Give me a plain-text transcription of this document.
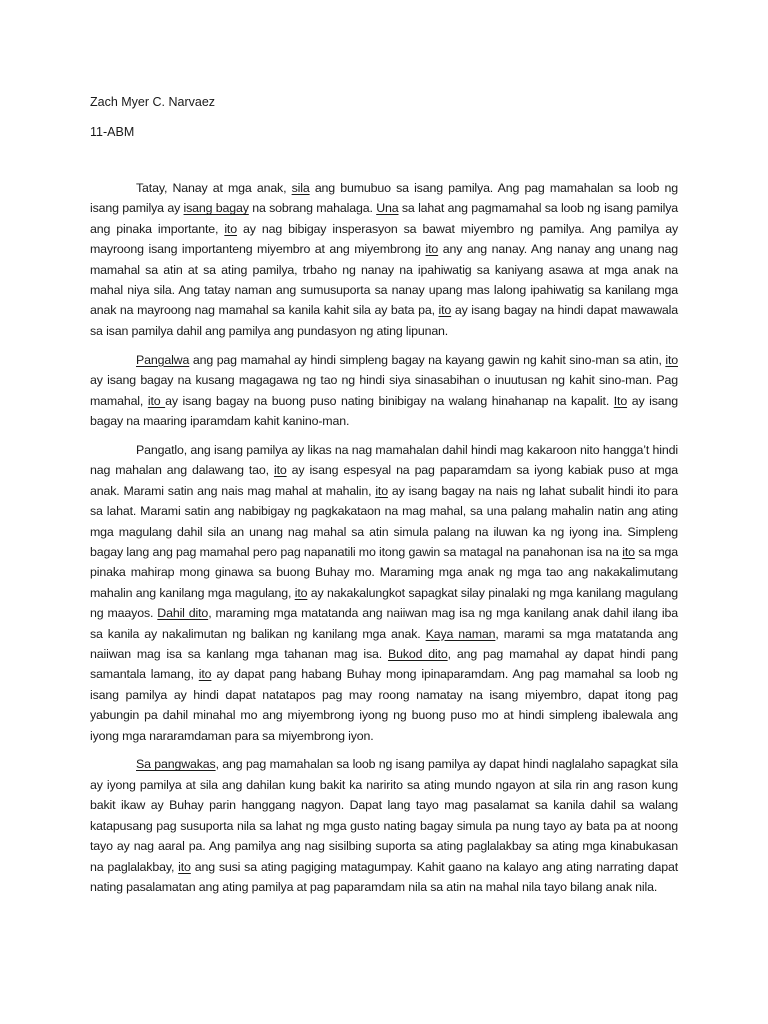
Zach Myer C. Narvaez
11-ABM

Tatay, Nanay at mga anak, sila ang bumubuo sa isang pamilya. Ang pag mamahalan sa loob ng isang pamilya ay isang bagay na sobrang mahalaga. Una sa lahat ang pagmamahal sa loob ng isang pamilya ang pinaka importante, ito ay nag bibigay insperasyon sa bawat miyembro ng pamilya. Ang pamilya ay mayroong isang importanteng miyembro at ang miyembrong ito any ang nanay. Ang nanay ang unang nag mamahal sa atin at sa ating pamilya, trbaho ng nanay na ipahiwatig sa kaniyang asawa at mga anak na mahal niya sila. Ang tatay naman ang sumusuporta sa nanay upang mas lalong ipahiwatig sa kanilang mga anak na mayroong nag mamahal sa kanila kahit sila ay bata pa, ito ay isang bagay na hindi dapat mawawala sa isan pamilya dahil ang pamilya ang pundasyon ng ating lipunan.

Pangalwa ang pag mamahal ay hindi simpleng bagay na kayang gawin ng kahit sino-man sa atin, ito ay isang bagay na kusang magagawa ng tao ng hindi siya sinasabihan o inuutusan ng kahit sino-man. Pag mamahal, ito ay isang bagay na buong puso nating binibigay na walang hinahanap na kapalit. Ito ay isang bagay na maaring iparamdam kahit kanino-man.

Pangatlo, ang isang pamilya ay likas na nag mamahalan dahil hindi mag kakaroon nito hangga’t hindi nag mahalan ang dalawang tao, ito ay isang espesyal na pag paparamdam sa iyong kabiak puso at mga anak. Marami satin ang nais mag mahal at mahalin, ito ay isang bagay na nais ng lahat subalit hindi ito para sa lahat. Marami satin ang nabibigay ng pagkakataon na mag mahal, sa una palang mahalin natin ang ating mga magulang dahil sila an unang nag mahal sa atin simula palang na iluwan ka ng iyong ina. Simpleng bagay lang ang pag mamahal pero pag napanatili mo itong gawin sa matagal na panahonan isa na ito sa mga pinaka mahirap mong ginawa sa buong Buhay mo. Maraming mga anak ng mga tao ang nakakalimutang mahalin ang kanilang mga magulang, ito ay nakakalungkot sapagkat silay pinalaki ng mga kanilang magulang ng maayos. Dahil dito, maraming mga matatanda ang naiiwan mag isa ng mga kanilang anak dahil ilang iba sa kanila ay nakalimutan ng balikan ng kanilang mga anak. Kaya naman, marami sa mga matatanda ang naiiwan mag isa sa kanlang mga tahanan mag isa. Bukod dito, ang pag mamahal ay dapat hindi pang samantala lamang, ito ay dapat pang habang Buhay mong ipinaparamdam. Ang pag mamahal sa loob ng isang pamilya ay hindi dapat natatapos pag may roong namatay na isang miyembro, dapat itong pag yabungin pa dahil minahal mo ang miyembrong iyong ng buong puso mo at hindi simpleng ibalewala ang iyong mga nararamdaman para sa miyembrong iyon.

Sa pangwakas, ang pag mamahalan sa loob ng isang pamilya ay dapat hindi naglalaho sapagkat sila ay iyong pamilya at sila ang dahilan kung bakit ka naririto sa ating mundo ngayon at sila rin ang rason kung bakit ikaw ay Buhay parin hanggang nagyon. Dapat lang tayo mag pasalamat sa kanila dahil sa walang katapusang pag susuporta nila sa lahat ng mga gusto nating bagay simula pa nung tayo ay bata pa at noong tayo ay nag aaral pa. Ang pamilya ang nag sisilbing suporta sa ating paglalakbay sa ating mga kinabukasan na paglalakbay, ito ang susi sa ating pagiging matagumpay. Kahit gaano na kalayo ang ating narrating dapat nating pasalamatan ang ating pamilya at pag paparamdam nila sa atin na mahal nila tayo bilang anak nila.
